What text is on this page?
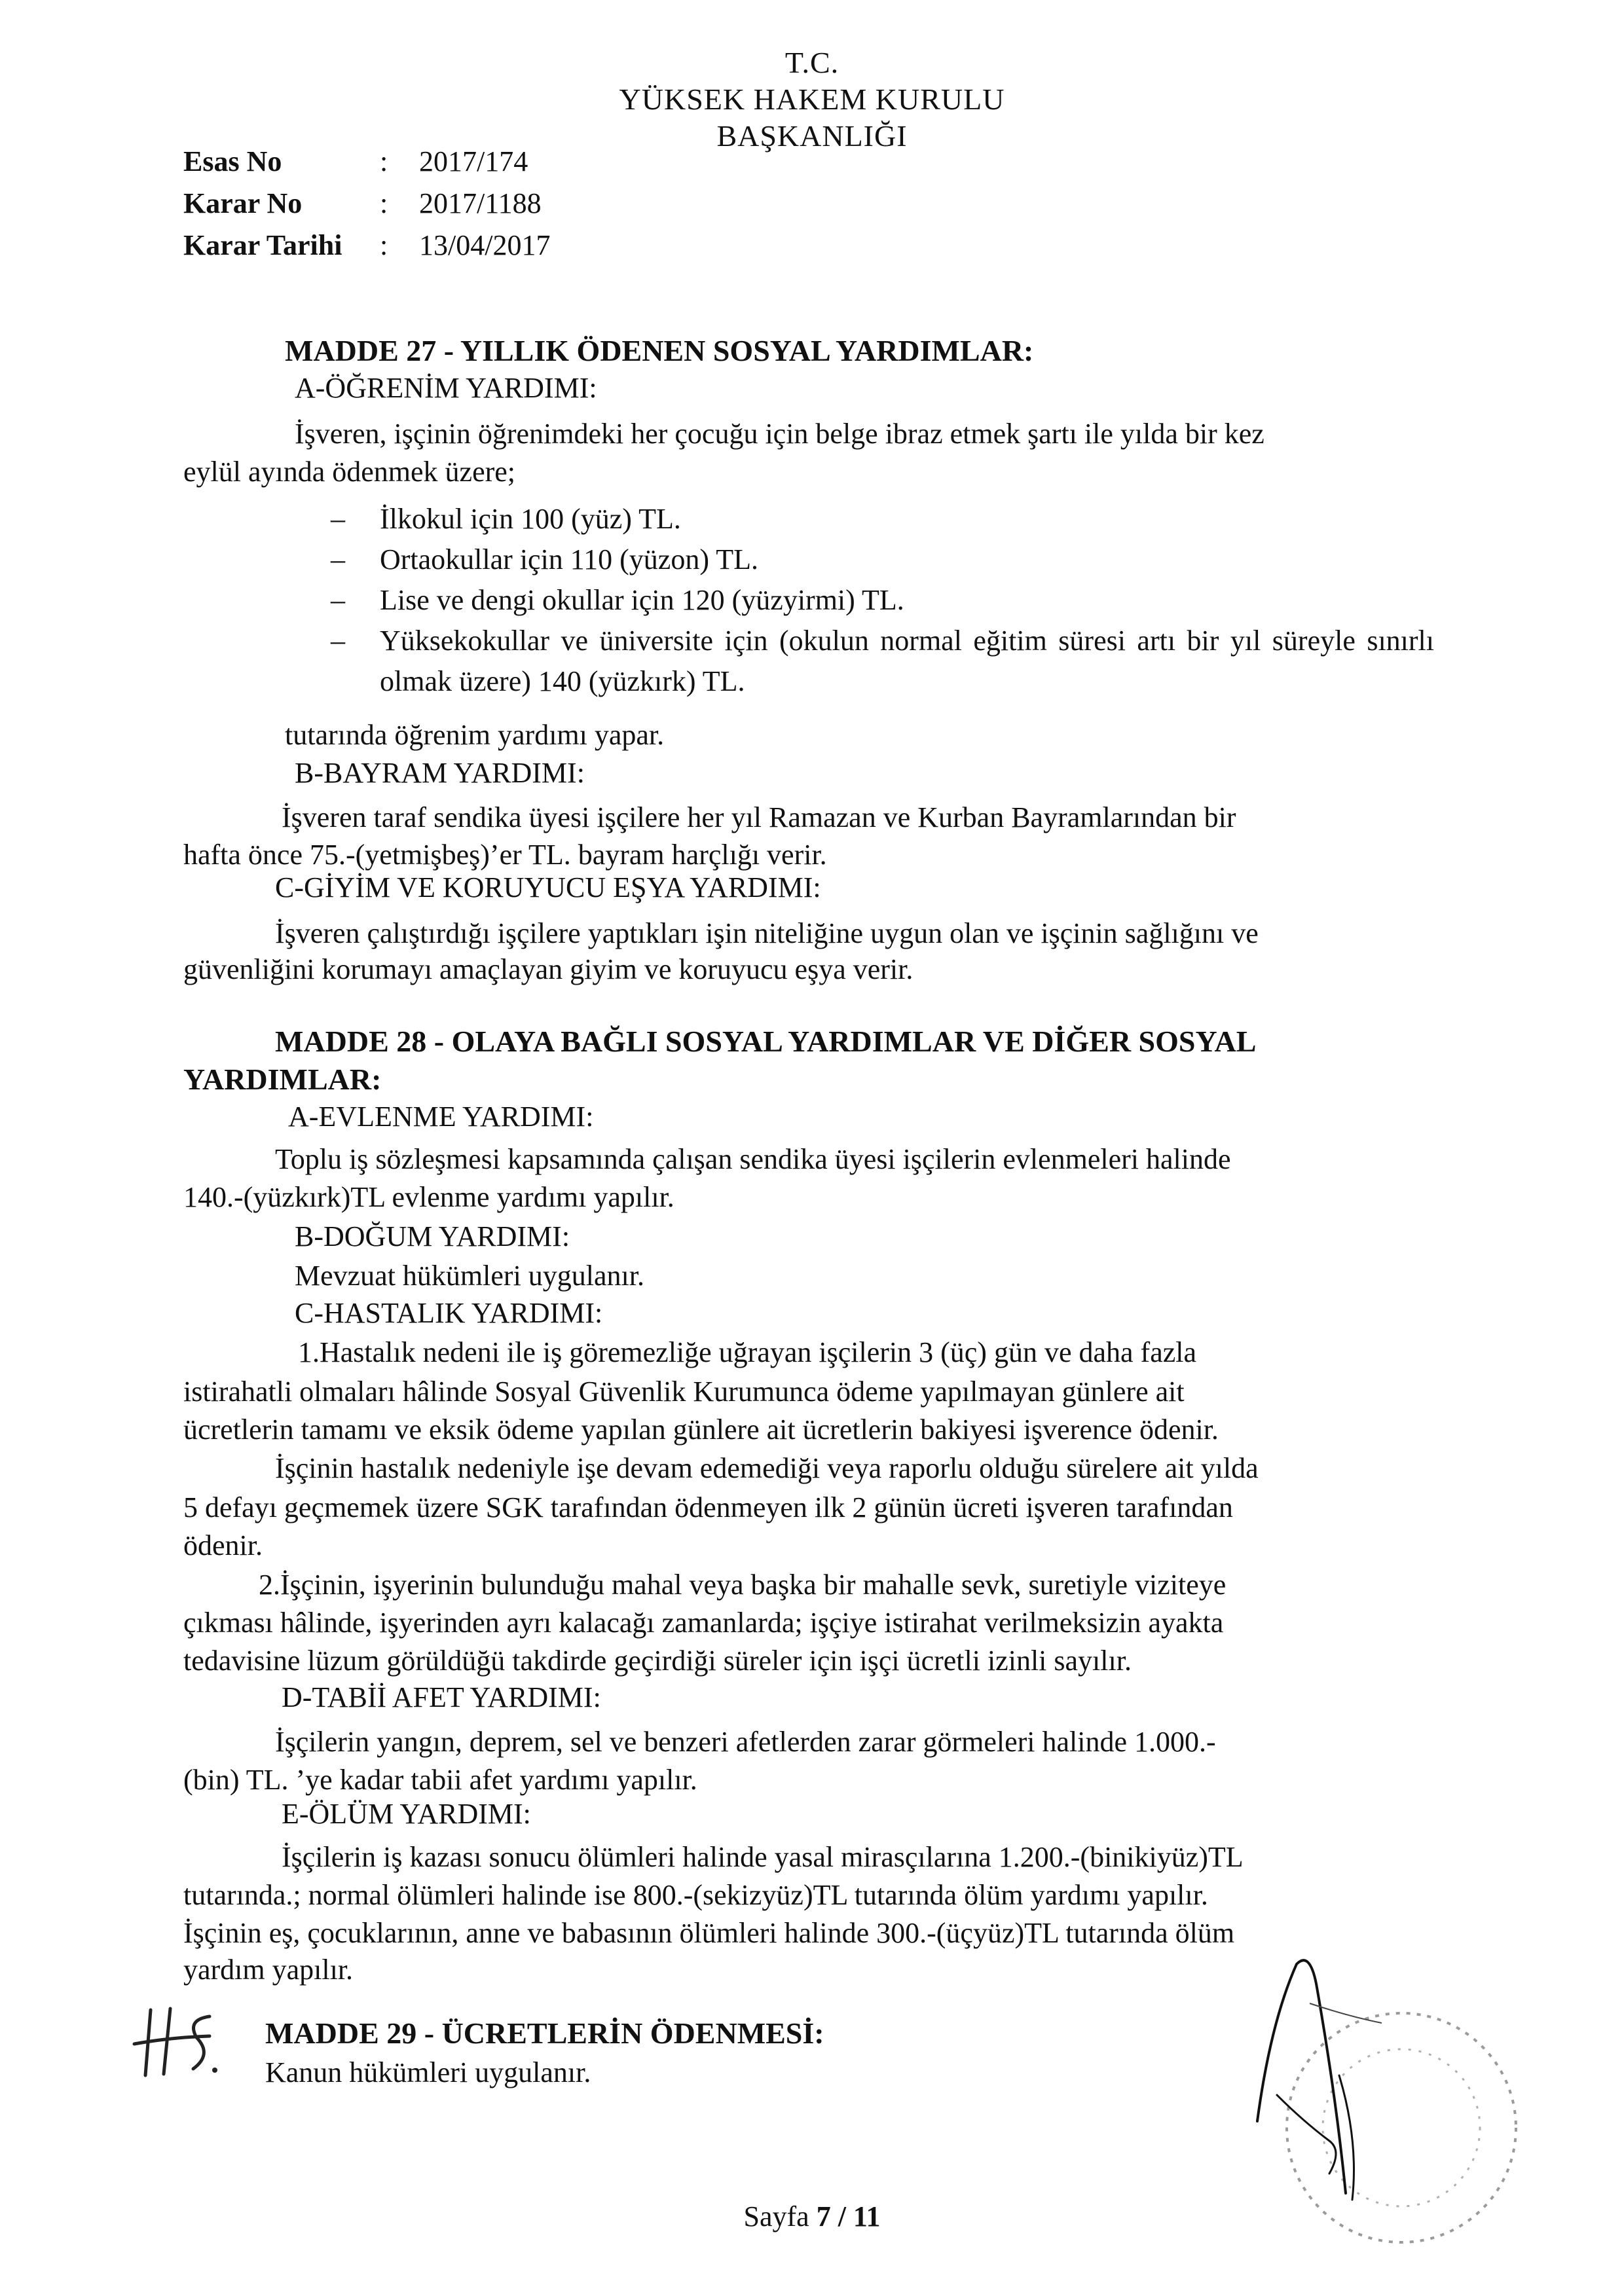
T.C.
YÜKSEK HAKEM KURULU
BAŞKANLIĞI
Esas No	:	2017/174
Karar No	:	2017/1188
Karar Tarihi	:	13/04/2017
MADDE 27 - YILLIK ÖDENEN SOSYAL YARDIMLAR:
A-ÖĞRENİM YARDIMI:
İşveren, işçinin öğrenimdeki her çocuğu için belge ibraz etmek şartı ile yılda bir kez
eylül ayında ödenmek üzere;
– İlkokul için 100 (yüz) TL.
– Ortaokullar için 110 (yüzon) TL.
– Lise ve dengi okullar için 120 (yüzyirmi) TL.
– Yüksekokullar ve üniversite için (okulun normal eğitim süresi artı bir yıl süreyle sınırlı olmak üzere) 140 (yüzkırk) TL.
tutarında öğrenim yardımı yapar.
B-BAYRAM YARDIMI:
İşveren taraf sendika üyesi işçilere her yıl Ramazan ve Kurban Bayramlarından bir
hafta önce 75.-(yetmişbeş)’er TL. bayram harçlığı verir.
C-GİYİM VE KORUYUCU EŞYA YARDIMI:
İşveren çalıştırdığı işçilere yaptıkları işin niteliğine uygun olan ve işçinin sağlığını ve
güvenliğini korumayı amaçlayan giyim ve koruyucu eşya verir.
MADDE 28 - OLAYA BAĞLI SOSYAL YARDIMLAR VE DİĞER SOSYAL
YARDIMLAR:
A-EVLENME YARDIMI:
Toplu iş sözleşmesi kapsamında çalışan sendika üyesi işçilerin evlenmeleri halinde
140.-(yüzkırk)TL evlenme yardımı yapılır.
B-DOĞUM YARDIMI:
Mevzuat hükümleri uygulanır.
C-HASTALIK YARDIMI:
1.Hastalık nedeni ile iş göremezliğe uğrayan işçilerin 3 (üç) gün ve daha fazla
istirahatli olmaları hâlinde Sosyal Güvenlik Kurumunca ödeme yapılmayan günlere ait
ücretlerin tamamı ve eksik ödeme yapılan günlere ait ücretlerin bakiyesi işverence ödenir.
İşçinin hastalık nedeniyle işe devam edemediği veya raporlu olduğu sürelere ait yılda
5 defayı geçmemek üzere SGK tarafından ödenmeyen ilk 2 günün ücreti işveren tarafından
ödenir.
2.İşçinin, işyerinin bulunduğu mahal veya başka bir mahalle sevk, suretiyle viziteye
çıkması hâlinde, işyerinden ayrı kalacağı zamanlarda; işçiye istirahat verilmeksizin ayakta
tedavisine lüzum görüldüğü takdirde geçirdiği süreler için işçi ücretli izinli sayılır.
D-TABİİ AFET YARDIMI:
İşçilerin yangın, deprem, sel ve benzeri afetlerden zarar görmeleri halinde 1.000.-
(bin) TL. ’ye kadar tabii afet yardımı yapılır.
E-ÖLÜM YARDIMI:
İşçilerin iş kazası sonucu ölümleri halinde yasal mirasçılarına 1.200.-(binikiyüz)TL
tutarında.; normal ölümleri halinde ise 800.-(sekizyüz)TL tutarında ölüm yardımı yapılır.
İşçinin eş, çocuklarının, anne ve babasının ölümleri halinde 300.-(üçyüz)TL tutarında ölüm
yardım yapılır.
MADDE 29 - ÜCRETLERİN ÖDENMESİ:
Kanun hükümleri uygulanır.
Sayfa 7 / 11
